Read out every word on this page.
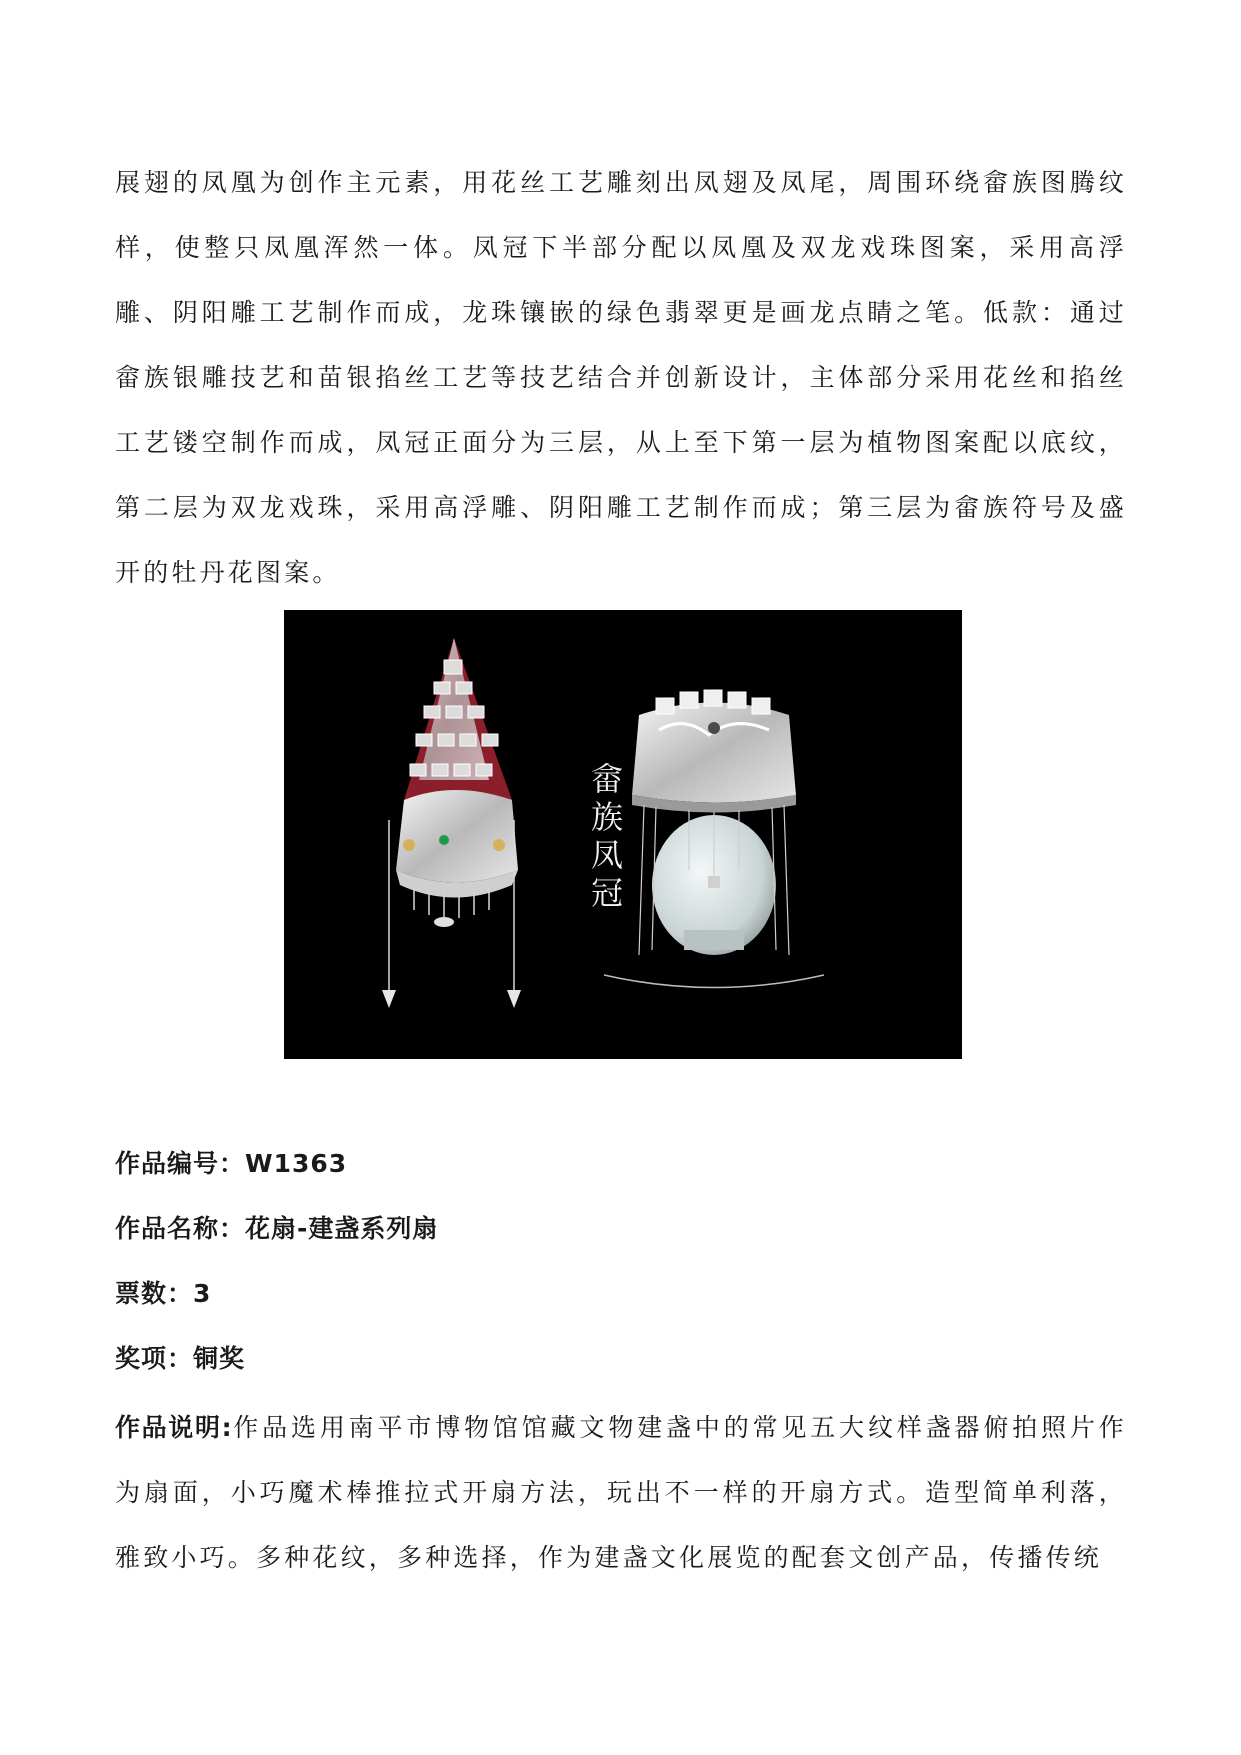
展翅的凤凰为创作主元素，用花丝工艺雕刻出凤翅及凤尾，周围环绕畲族图腾纹样，使整只凤凰浑然一体。凤冠下半部分配以凤凰及双龙戏珠图案，采用高浮雕、阴阳雕工艺制作而成，龙珠镶嵌的绿色翡翠更是画龙点睛之笔。低款：通过畲族银雕技艺和苗银掐丝工艺等技艺结合并创新设计，主体部分采用花丝和掐丝工艺镂空制作而成，凤冠正面分为三层，从上至下第一层为植物图案配以底纹，第二层为双龙戏珠，采用高浮雕、阴阳雕工艺制作而成；第三层为畲族符号及盛开的牡丹花图案。

畲
族
凤
冠
作品编号：W1363
作品名称：花扇-建盏系列扇
票数：3
奖项：铜奖

作品说明:作品选用南平市博物馆馆藏文物建盏中的常见五大纹样盏器俯拍照片作为扇面，小巧魔术棒推拉式开扇方法，玩出不一样的开扇方式。造型简单利落，雅致小巧。多种花纹，多种选择，作为建盏文化展览的配套文创产品，传播传统
